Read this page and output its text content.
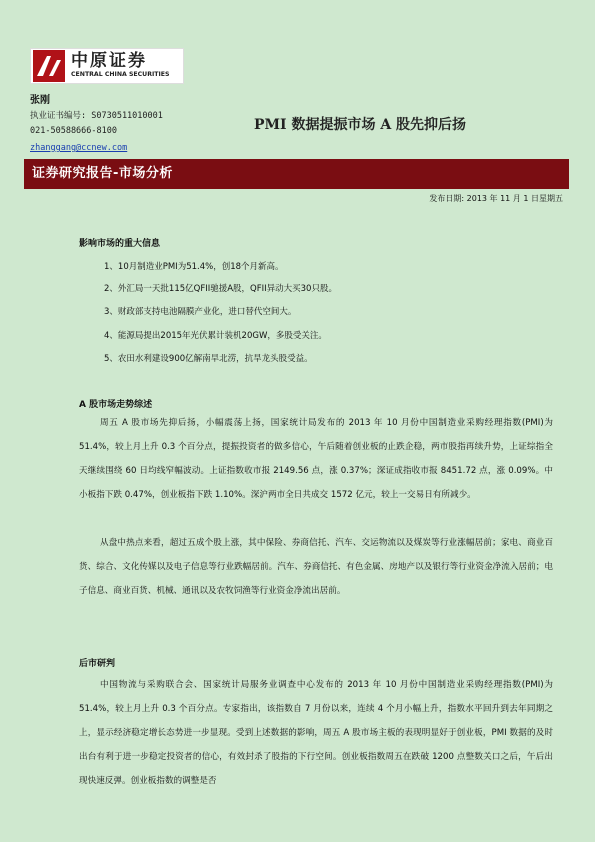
中原证券
CENTRAL CHINA SECURITIES
张刚
执业证书编号: S0730511010001
021-50588666-8100
zhanggang@ccnew.com
PMI 数据提振市场 A 股先抑后扬
证券研究报告-市场分析
发布日期: 2013 年 11 月 1 日星期五
影响市场的重大信息
1、10月制造业PMI为51.4%，创18个月新高。
2、外汇局一天批115亿QFII驰援A股，QFII异动大买30只股。
3、财政部支持电池隔膜产业化，进口替代空间大。
4、能源局提出2015年光伏累计装机20GW，多股受关注。
5、农田水利建设900亿解南旱北涝，抗旱龙头股受益。
A 股市场走势综述
周五 A 股市场先抑后扬，小幅震荡上扬，国家统计局发布的 2013 年 10 月份中国制造业采购经理指数(PMI)为 51.4%，较上月上升 0.3 个百分点，提振投资者的做多信心，午后随着创业板的止跌企稳，两市股指再续升势，上证综指全天继续围绕 60 日均线窄幅波动。上证指数收市报 2149.56 点，涨 0.37%；深证成指收市报 8451.72 点，涨 0.09%。中小板指下跌 0.47%，创业板指下跌 1.10%。深沪两市全日共成交 1572 亿元，较上一交易日有所减少。
从盘中热点来看，超过五成个股上涨，其中保险、券商信托、汽车、交运物流以及煤炭等行业涨幅居前；家电、商业百货、综合、文化传媒以及电子信息等行业跌幅居前。汽车、券商信托、有色金属、房地产以及银行等行业资金净流入居前；电子信息、商业百货、机械、通讯以及农牧饲渔等行业资金净流出居前。
后市研判
中国物流与采购联合会、国家统计局服务业调查中心发布的 2013 年 10 月份中国制造业采购经理指数(PMI)为 51.4%，较上月上升 0.3 个百分点。专家指出，该指数自 7 月份以来，连续 4 个月小幅上升，指数水平回升到去年同期之上，显示经济稳定增长态势进一步显现。受到上述数据的影响，周五 A 股市场主板的表现明显好于创业板，PMI 数据的及时出台有利于进一步稳定投资者的信心，有效封杀了股指的下行空间。创业板指数周五在跌破 1200 点整数关口之后，午后出现快速反弹。创业板指数的调整是否
